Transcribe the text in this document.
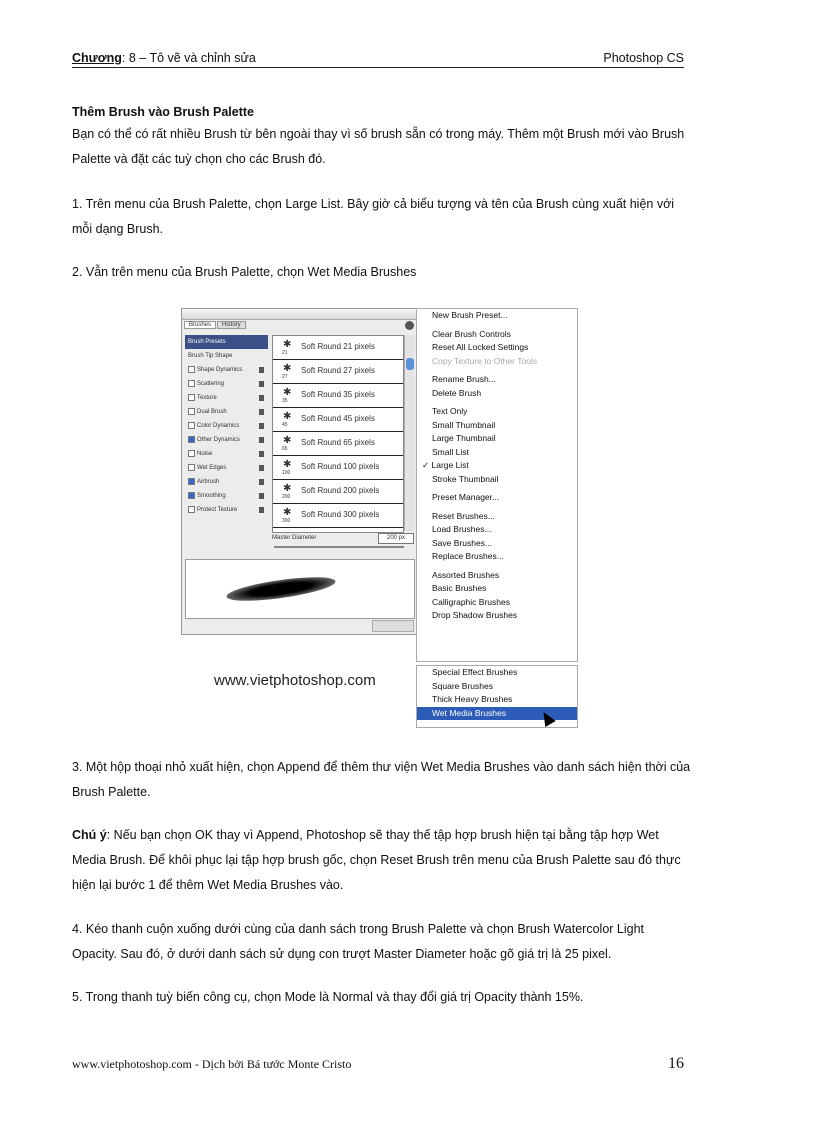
Chương: 8 – Tô vẽ và chỉnh sửa	Photoshop CS
Thêm Brush vào Brush Palette
Bạn có thể có rất nhiều Brush từ bên ngoài thay vì số brush sẵn có trong máy. Thêm một Brush mới vào Brush Palette và đặt các tuỳ chọn cho các Brush đó.
1. Trên menu của Brush Palette, chọn Large List. Bây giờ cả biểu tượng và tên của Brush cùng xuất hiện với mỗi dạng Brush.
2. Vẫn trên menu của Brush Palette, chọn Wet Media Brushes
Brushes History
Brush Presets
Brush Tip Shape
Shape Dynamics
Scattering
Texture
Dual Brush
Color Dynamics
Other Dynamics
Noise
Wet Edges
Airbrush
Smoothing
Protect Texture
✱
21
Soft Round 21 pixels
✱
27
Soft Round 27 pixels
✱
35
Soft Round 35 pixels
✱
45
Soft Round 45 pixels
✱
65
Soft Round 65 pixels
✱
100
Soft Round 100 pixels
✱
200
Soft Round 200 pixels
✱
300
Soft Round 300 pixels
Master Diameter	200 px
New Brush Preset...
Clear Brush Controls
Reset All Locked Settings
Copy Texture to Other Tools
Rename Brush...
Delete Brush
Text Only
Small Thumbnail
Large Thumbnail
Small List
✓ Large List
Stroke Thumbnail
Preset Manager...
Reset Brushes...
Load Brushes...
Save Brushes...
Replace Brushes...
Assorted Brushes
Basic Brushes
Calligraphic Brushes
Drop Shadow Brushes
Special Effect Brushes
Square Brushes
Thick Heavy Brushes
Wet Media Brushes
www.vietphotoshop.com
3. Một hộp thoại nhỏ xuất hiện, chọn Append để thêm thư viện Wet Media Brushes vào danh sách hiện thời của Brush Palette.
Chú ý: Nếu bạn chọn OK thay vì Append, Photoshop sẽ thay thế tập hợp brush hiện tại bằng tập hợp Wet Media Brush. Để khôi phục lại tập hợp brush gốc, chọn Reset Brush trên menu của Brush Palette sau đó thực hiện lại bước 1 để thêm Wet Media Brushes vào.
4. Kéo thanh cuộn xuống dưới cùng của danh sách trong Brush Palette và chọn Brush Watercolor Light Opacity. Sau đó, ở dưới danh sách sử dụng con trượt Master Diameter hoặc gõ giá trị là 25 pixel.
5. Trong thanh tuỳ biến công cụ, chọn Mode là Normal và thay đổi giá trị Opacity thành 15%.
www.vietphotoshop.com - Dịch bởi Bá tước Monte Cristo	16
